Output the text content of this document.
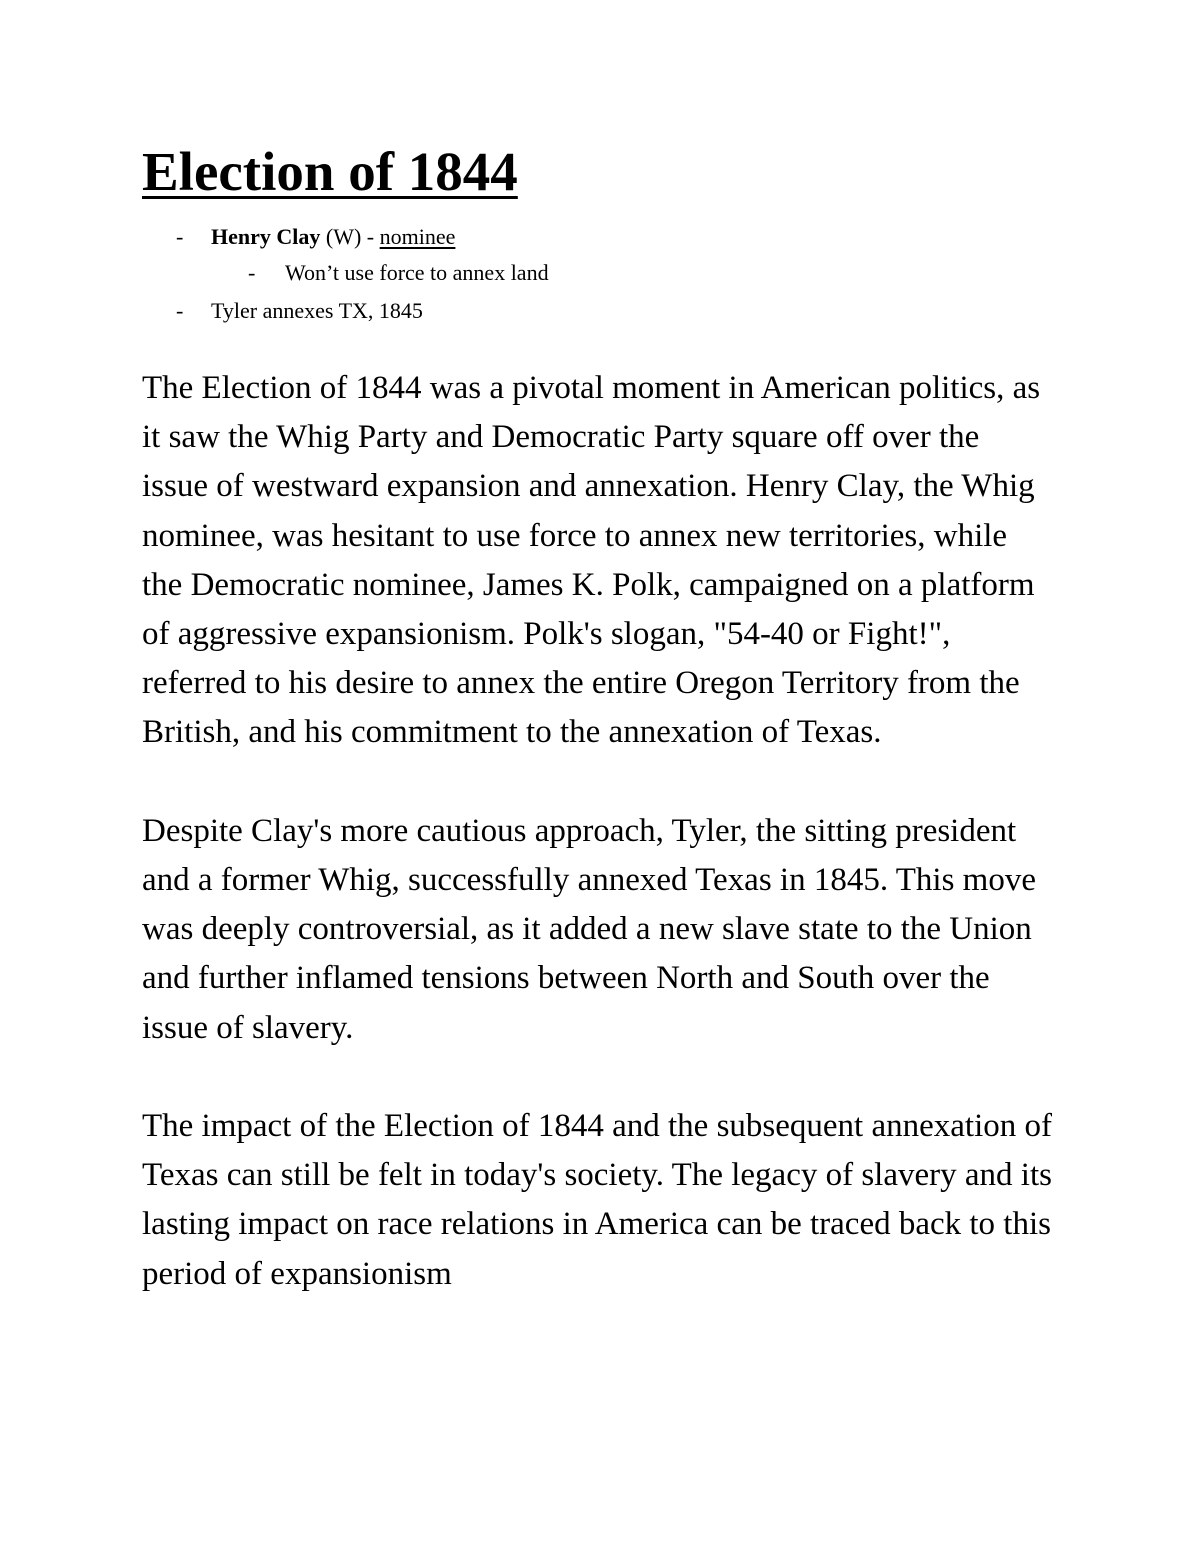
Election of 1844
- Henry Clay (W) - nominee
- Won’t use force to annex land
- Tyler annexes TX, 1845

The Election of 1844 was a pivotal moment in American politics, as it saw the Whig Party and Democratic Party square off over the issue of westward expansion and annexation. Henry Clay, the Whig nominee, was hesitant to use force to annex new territories, while the Democratic nominee, James K. Polk, campaigned on a platform of aggressive expansionism. Polk's slogan, "54-40 or Fight!", referred to his desire to annex the entire Oregon Territory from the British, and his commitment to the annexation of Texas.

Despite Clay's more cautious approach, Tyler, the sitting president and a former Whig, successfully annexed Texas in 1845. This move was deeply controversial, as it added a new slave state to the Union and further inflamed tensions between North and South over the issue of slavery.

The impact of the Election of 1844 and the subsequent annexation of Texas can still be felt in today's society. The legacy of slavery and its lasting impact on race relations in America can be traced back to this period of expansionism
